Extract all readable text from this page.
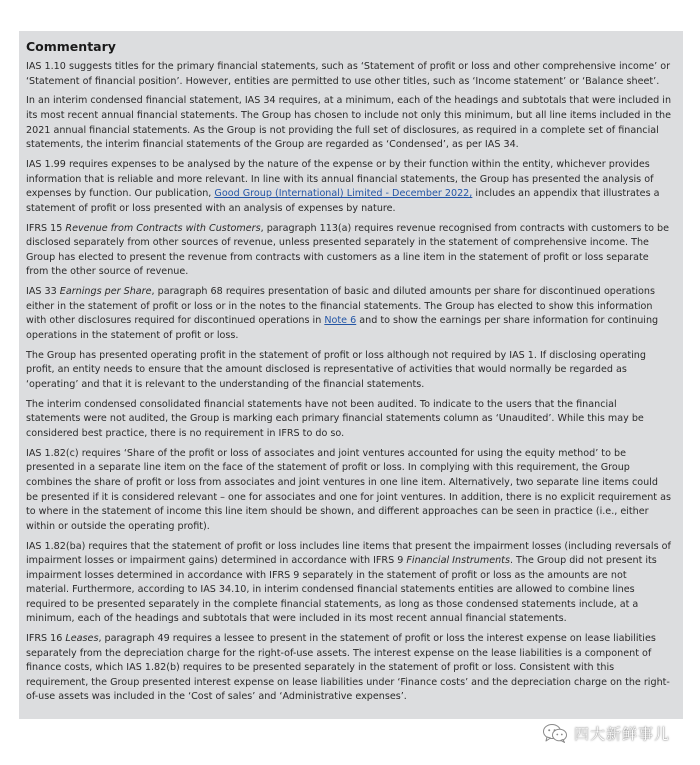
Commentary

IAS 1.10 suggests titles for the primary financial statements, such as ‘Statement of profit or loss and other comprehensive income’ or ‘Statement of financial position’. However, entities are permitted to use other titles, such as ‘Income statement’ or ‘Balance sheet’.

In an interim condensed financial statement, IAS 34 requires, at a minimum, each of the headings and subtotals that were included in its most recent annual financial statements. The Group has chosen to include not only this minimum, but all line items included in the 2021 annual financial statements. As the Group is not providing the full set of disclosures, as required in a complete set of financial statements, the interim financial statements of the Group are regarded as ‘Condensed’, as per IAS 34.

IAS 1.99 requires expenses to be analysed by the nature of the expense or by their function within the entity, whichever provides information that is reliable and more relevant. In line with its annual financial statements, the Group has presented the analysis of expenses by function. Our publication, Good Group (International) Limited - December 2022, includes an appendix that illustrates a statement of profit or loss presented with an analysis of expenses by nature.

IFRS 15 Revenue from Contracts with Customers, paragraph 113(a) requires revenue recognised from contracts with customers to be disclosed separately from other sources of revenue, unless presented separately in the statement of comprehensive income. The Group has elected to present the revenue from contracts with customers as a line item in the statement of profit or loss separate from the other source of revenue.

IAS 33 Earnings per Share, paragraph 68 requires presentation of basic and diluted amounts per share for discontinued operations either in the statement of profit or loss or in the notes to the financial statements. The Group has elected to show this information with other disclosures required for discontinued operations in Note 6 and to show the earnings per share information for continuing operations in the statement of profit or loss.

The Group has presented operating profit in the statement of profit or loss although not required by IAS 1. If disclosing operating profit, an entity needs to ensure that the amount disclosed is representative of activities that would normally be regarded as ‘operating’ and that it is relevant to the understanding of the financial statements.

The interim condensed consolidated financial statements have not been audited. To indicate to the users that the financial statements were not audited, the Group is marking each primary financial statements column as ‘Unaudited’. While this may be considered best practice, there is no requirement in IFRS to do so.

IAS 1.82(c) requires ‘Share of the profit or loss of associates and joint ventures accounted for using the equity method’ to be presented in a separate line item on the face of the statement of profit or loss. In complying with this requirement, the Group combines the share of profit or loss from associates and joint ventures in one line item. Alternatively, two separate line items could be presented if it is considered relevant – one for associates and one for joint ventures. In addition, there is no explicit requirement as to where in the statement of income this line item should be shown, and different approaches can be seen in practice (i.e., either within or outside the operating profit).

IAS 1.82(ba) requires that the statement of profit or loss includes line items that present the impairment losses (including reversals of impairment losses or impairment gains) determined in accordance with IFRS 9 Financial Instruments. The Group did not present its impairment losses determined in accordance with IFRS 9 separately in the statement of profit or loss as the amounts are not material. Furthermore, according to IAS 34.10, in interim condensed financial statements entities are allowed to combine lines required to be presented separately in the complete financial statements, as long as those condensed statements include, at a minimum, each of the headings and subtotals that were included in its most recent annual financial statements.

IFRS 16 Leases, paragraph 49 requires a lessee to present in the statement of profit or loss the interest expense on lease liabilities separately from the depreciation charge for the right-of-use assets. The interest expense on the lease liabilities is a component of finance costs, which IAS 1.82(b) requires to be presented separately in the statement of profit or loss. Consistent with this requirement, the Group presented interest expense on lease liabilities under ‘Finance costs’ and the depreciation charge on the right-of-use assets was included in the ‘Cost of sales’ and ‘Administrative expenses’.

四大新鲜事儿
